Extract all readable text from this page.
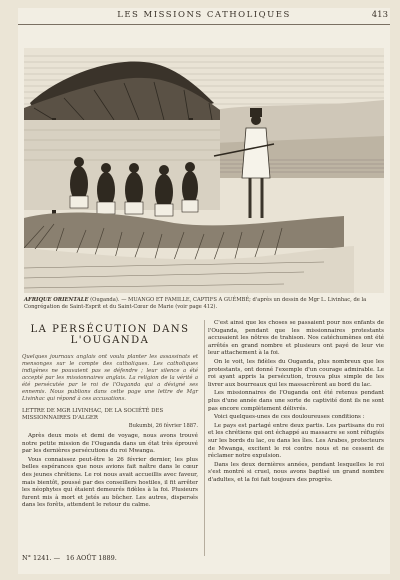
LES MISSIONS CATHOLIQUES	413
AFRIQUE ORIENTALE (Ouganda). — MUANGO ET FAMILLE, CAPTIFS A GUÉMBÉ; d'après un dessin de Mgr L. Livinhac, de la Congrégation de Saint-Esprit et du Saint-Cœur de Marie (voir page 412).
LA PERSÉCUTION DANS L'OUGANDA

Quelques journaux anglais ont voulu planter les assassinats et mensonges sur le compte des catholiques. Les catholiques indigènes ne pouvaient pas se défendre ; leur silence a été accepté par les missionnaires anglais. La religion de la vérité a été persécutée par le roi de l'Ouganda qui a désigné ses ennemis. Nous publions dans cette page une lettre de Mgr Livinhac qui répond à ces accusations.

LETTRE DE MGR LIVINHAC, DE LA SOCIÉTÉ DES MISSIONNAIRES D'ALGER
Bukumbi, 26 février 1887.

Après deux mois et demi de voyage, nous avons trouvé notre petite mission de l'Ouganda dans un état très éprouvé par les dernières persécutions du roi Mwanga.

Vous connaissez peut-être le 26 février dernier, les plus belles espérances que nous avions fait naître dans le cœur des jeunes chrétiens. Le roi nous avait accueillis avec faveur, mais bientôt, poussé par des conseillers hostiles, il fit arrêter les néophytes qui étaient demeurés fidèles à la foi. Plusieurs furent mis à mort et jetés au bûcher. Les autres, dispersés dans les forêts, attendent le retour du calme.

C'est ainsi que les choses se passaient pour nos enfants de l'Ouganda, pendant que les missionnaires protestants accusaient les nôtres de trahison. Nos catéchumènes ont été arrêtés en grand nombre et plusieurs ont payé de leur vie leur attachement à la foi.

On le voit, les fidèles du Ouganda, plus nombreux que les protestants, ont donné l'exemple d'un courage admirable. Le roi ayant appris la persécution, trouva plus simple de les livrer aux bourreaux qui les massacrèrent au bord du lac.

Les missionnaires de l'Ouganda ont été retenus pendant plus d'une année dans une sorte de captivité dont ils ne sont pas encore complètement délivrés.

Voici quelques-unes de ces douloureuses conditions :

Le pays est partagé entre deux partis. Les partisans du roi et les chrétiens qui ont échappé au massacre se sont réfugiés sur les bords du lac, ou dans les îles. Les Arabes, protecteurs de Mwanga, excitent le roi contre nous et ne cessent de réclamer notre expulsion.

Dans les deux dernières années, pendant lesquelles le roi s'est montré si cruel, nous avons baptisé un grand nombre d'adultes, et la foi fait toujours des progrès.

N° 1241. — 16 AOÛT 1889.
